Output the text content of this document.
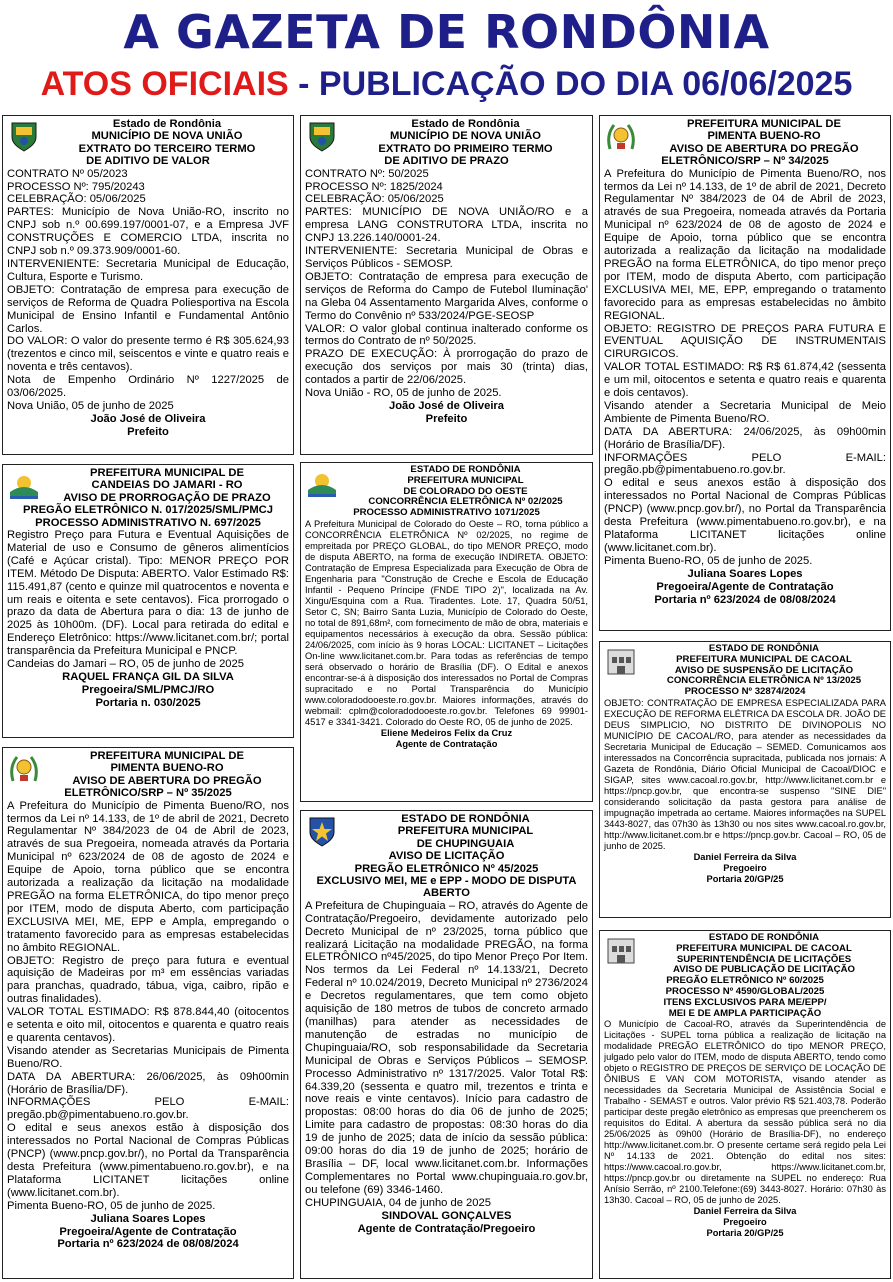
A GAZETA DE RONDÔNIA
ATOS OFICIAIS - PUBLICAÇÃO DO DIA 06/06/2025
Estado de Rondônia
MUNICÍPIO DE NOVA UNIÃO
EXTRATO DO TERCEIRO TERMO
DE ADITIVO DE VALOR

CONTRATO Nº 05/2023
PROCESSO Nº: 795/20243
CELEBRAÇÃO: 05/06/2025
PARTES: Município de Nova União-RO, inscrito no CNPJ sob n.º 00.699.197/0001-07, e a Empresa JVF CONSTRUÇÕES E COMERCIO LTDA, inscrita no CNPJ sob n.º 09.373.909/0001-60.
INTERVENIENTE: Secretaria Municipal de Educação, Cultura, Esporte e Turismo.
OBJETO: Contratação de empresa para execução de serviços de Reforma de Quadra Poliesportiva na Escola Municipal de Ensino Infantil e Fundamental Antônio Carlos.
DO VALOR: O valor do presente termo é R$ 305.624,93 (trezentos e cinco mil, seiscentos e vinte e quatro reais e noventa e três centavos).
Nota de Empenho Ordinário Nº 1227/2025 de 03/06/2025.
Nova União, 05 de junho de 2025

João José de Oliveira
Prefeito
PREFEITURA MUNICIPAL DE
CANDEIAS DO JAMARI - RO
AVISO DE PRORROGAÇÃO DE PRAZO
PREGÃO ELETRÔNICO N. 017/2025/SML/PMCJ
PROCESSO ADMINISTRATIVO N. 697/2025

Registro Preço para Futura e Eventual Aquisições de Material de uso e Consumo de gêneros alimentícios (Café e Açúcar cristal). Tipo: MENOR PREÇO POR ITEM. Método De Disputa: ABERTO. Valor Estimado R$: 115.491,87 (cento e quinze mil quatrocentos e noventa e um reais e oitenta e sete centavos). Fica prorrogado o prazo da data de Abertura para o dia: 13 de junho de 2025 às 10h00m. (DF). Local para retirada do edital e Endereço Eletrônico: https://www.licitanet.com.br/; portal transparência da Prefeitura Municipal e PNCP.
Candeias do Jamari – RO, 05 de junho de 2025

RAQUEL FRANÇA GIL DA SILVA
Pregoeira/SML/PMCJ/RO
Portaria n. 030/2025
PREFEITURA MUNICIPAL DE
PIMENTA BUENO-RO
AVISO DE ABERTURA DO PREGÃO
ELETRÔNICO/SRP – Nº 35/2025

A Prefeitura do Município de Pimenta Bueno/RO, nos termos da Lei nº 14.133, de 1º de abril de 2021, Decreto Regulamentar Nº 384/2023 de 04 de Abril de 2023, através de sua Pregoeira, nomeada através da Portaria Municipal nº 623/2024 de 08 de agosto de 2024 e Equipe de Apoio, torna público que se encontra autorizada a realização da licitação na modalidade PREGÃO na forma ELETRÔNICA, do tipo menor preço por ITEM, modo de disputa Aberto, com participação EXCLUSIVA MEI, ME, EPP e Ampla, empregando o tratamento favorecido para as empresas estabelecidas no âmbito REGIONAL.
OBJETO: Registro de preço para futura e eventual aquisição de Madeiras por m³ em essências variadas para pranchas, quadrado, tábua, viga, caibro, ripão e outras finalidades).
VALOR TOTAL ESTIMADO: R$ 878.844,40 (oitocentos e setenta e oito mil, oitocentos e quarenta e quatro reais e quarenta centavos).
Visando atender as Secretarias Municipais de Pimenta Bueno/RO.
DATA DA ABERTURA: 26/06/2025, às 09h00min (Horário de Brasília/DF).
INFORMAÇÕES PELO E-MAIL: pregão.pb@pimentabueno.ro.gov.br.
O edital e seus anexos estão à disposição dos interessados no Portal Nacional de Compras Públicas (PNCP) (www.pncp.gov.br/), no Portal da Transparência desta Prefeitura (www.pimentabueno.ro.gov.br), e na Plataforma LICITANET licitações online (www.licitanet.com.br).
Pimenta Bueno-RO, 05 de junho de 2025.

Juliana Soares Lopes
Pregoeira/Agente de Contratação
Portaria nº 623/2024 de 08/08/2024
Estado de Rondônia
MUNICÍPIO DE NOVA UNIÃO
EXTRATO DO PRIMEIRO TERMO
DE ADITIVO DE PRAZO

CONTRATO Nº: 50/2025
PROCESSO Nº: 1825/2024
CELEBRAÇÃO: 05/06/2025
PARTES: MUNICÍPIO DE NOVA UNIÃO/RO e a empresa LANG CONSTRUTORA LTDA, inscrita no CNPJ 13.226.140/0001-24.
INTERVENIENTE: Secretaria Municipal de Obras e Serviços Públicos - SEMOSP.
OBJETO: Contratação de empresa para execução de serviços de Reforma do Campo de Futebol Iluminação' na Gleba 04 Assentamento Margarida Alves, conforme o Termo do Convênio nº 533/2024/PGE-SEOSP
VALOR: O valor global continua inalterado conforme os termos do Contrato de nº 50/2025.
PRAZO DE EXECUÇÃO: À prorrogação do prazo de execução dos serviços por mais 30 (trinta) dias, contados a partir de 22/06/2025.
Nova União - RO, 05 de junho de 2025.

João José de Oliveira
Prefeito
ESTADO DE RONDÔNIA
PREFEITURA MUNICIPAL
DE COLORADO DO OESTE
CONCORRÊNCIA ELETRÔNICA Nº 02/2025
PROCESSO ADMINISTRATIVO 1071/2025

A Prefeitura Municipal de Colorado do Oeste – RO, torna público a CONCORRÊNCIA ELETRÔNICA Nº 02/2025, no regime de empreitada por PREÇO GLOBAL, do tipo MENOR PREÇO, modo de disputa ABERTO, na forma de execução INDIRETA. OBJETO: Contratação de Empresa Especializada para Execução de Obra de Engenharia para "Construção de Creche e Escola de Educação Infantil - Pequeno Príncipe (FNDE TIPO 2)", localizada na Av. Xingu/Esquina com a Rua. Tiradentes. Lote. 17, Quadra 50/51, Setor C, SN; Bairro Santa Luzia, Município de Colorado do Oeste, no total de 891,68m², com fornecimento de mão de obra, materiais e equipamentos necessários à execução da obra. Sessão pública: 24/06/2025, com início às 9 horas LOCAL: LICITANET – Licitações On-line www.licitanet.com.br. Para todas as referências de tempo será observado o horário de Brasília (DF). O Edital e anexos encontrar-se-á à disposição dos interessados no Portal de Compras supracitado e no Portal Transparência do Município www.coloradodooeste.ro.gov.br. Maiores informações, através do webmail: cplm@coloradodooeste.ro.gov.br. Telefones 69 99901-4517 e 3341-3421. Colorado do Oeste RO, 05 de junho de 2025.

Eliene Medeiros Felix da Cruz
Agente de Contratação
ESTADO DE RONDÔNIA
PREFEITURA MUNICIPAL
DE CHUPINGUAIA
AVISO DE LICITAÇÃO
PREGÃO ELETRÔNICO Nº 45/2025
EXCLUSIVO MEI, ME e EPP - MODO DE DISPUTA ABERTO

A Prefeitura de Chupinguaia – RO, através do Agente de Contratação/Pregoeiro, devidamente autorizado pelo Decreto Municipal de nº 23/2025, torna público que realizará Licitação na modalidade PREGÃO, na forma ELETRÔNICO nº45/2025, do tipo Menor Preço Por Item. Nos termos da Lei Federal nº 14.133/21, Decreto Federal nº 10.024/2019, Decreto Municipal nº 2736/2024 e Decretos regulamentares, que tem como objeto aquisição de 180 metros de tubos de concreto armado (manilhas) para atender as necessidades de manutenção de estradas no município de Chupinguaia/RO, sob responsabilidade da Secretaria Municipal de Obras e Serviços Públicos – SEMOSP. Processo Administrativo nº 1317/2025. Valor Total R$: 64.339,20 (sessenta e quatro mil, trezentos e trinta e nove reais e vinte centavos). Início para cadastro de propostas: 08:00 horas do dia 06 de junho de 2025; Limite para cadastro de propostas: 08:30 horas do dia 19 de junho de 2025; data de início da sessão pública: 09:00 horas do dia 19 de junho de 2025; horário de Brasília – DF, local www.licitanet.com.br. Informações Complementares no Portal www.chupinguaia.ro.gov.br, ou telefone (69) 3346-1460.
CHUPINGUAIA, 04 de junho de 2025

SINDOVAL GONÇALVES
Agente de Contratação/Pregoeiro
PREFEITURA MUNICIPAL DE
PIMENTA BUENO-RO
AVISO DE ABERTURA DO PREGÃO
ELETRÔNICO/SRP – Nº 34/2025

A Prefeitura do Município de Pimenta Bueno/RO, nos termos da Lei nº 14.133, de 1º de abril de 2021, Decreto Regulamentar Nº 384/2023 de 04 de Abril de 2023, através de sua Pregoeira, nomeada através da Portaria Municipal nº 623/2024 de 08 de agosto de 2024 e Equipe de Apoio, torna público que se encontra autorizada a realização da licitação na modalidade PREGÃO na forma ELETRÔNICA, do tipo menor preço por ITEM, modo de disputa Aberto, com participação EXCLUSIVA MEI, ME, EPP, empregando o tratamento favorecido para as empresas estabelecidas no âmbito REGIONAL.
OBJETO: REGISTRO DE PREÇOS PARA FUTURA E EVENTUAL AQUISIÇÃO DE INSTRUMENTAIS CIRURGICOS.
VALOR TOTAL ESTIMADO: R$ R$ 61.874,42 (sessenta e um mil, oitocentos e setenta e quatro reais e quarenta e dois centavos).
Visando atender a Secretaria Municipal de Meio Ambiente de Pimenta Bueno/RO.
DATA DA ABERTURA: 24/06/2025, às 09h00min (Horário de Brasília/DF).
INFORMAÇÕES PELO E-MAIL: pregão.pb@pimentabueno.ro.gov.br.
O edital e seus anexos estão à disposição dos interessados no Portal Nacional de Compras Públicas (PNCP) (www.pncp.gov.br/), no Portal da Transparência desta Prefeitura (www.pimentabueno.ro.gov.br), e na Plataforma LICITANET licitações online (www.licitanet.com.br).
Pimenta Bueno-RO, 05 de junho de 2025.

Juliana Soares Lopes
Pregoeira/Agente de Contratação
Portaria nº 623/2024 de 08/08/2024
ESTADO DE RONDÔNIA
PREFEITURA MUNICIPAL DE CACOAL
AVISO DE SUSPENSÃO DE LICITAÇÃO
CONCORRÊNCIA ELETRÔNICA Nº 13/2025
PROCESSO Nº 32874/2024

OBJETO: CONTRATAÇÃO DE EMPRESA ESPECIALIZADA PARA EXECUÇÃO DE REFORMA ELÉTRICA DA ESCOLA DR. JOÃO DE DEUS SIMPLICIO, NO DISTRITO DE DIVINOPOLIS NO MUNICÍPIO DE CACOAL/RO, para atender as necessidades da Secretaria Municipal de Educação – SEMED. Comunicamos aos interessados na Concorrência supracitada, publicada nos jornais: A Gazeta de Rondônia, Diário Oficial Municipal de Cacoal/DIOC e SIGAP, sites www.cacoal.ro.gov.br, http://www.licitanet.com.br e https://pncp.gov.br, que encontra-se suspenso "SINE DIE" considerando solicitação da pasta gestora para análise de impugnação impetrada ao certame. Maiores informações na SUPEL 3443-8027, das 07h30 às 13h30 ou nos sites www.cacoal.ro.gov.br, http://www.licitanet.com.br e https://pncp.gov.br. Cacoal – RO, 05 de junho de 2025.

Daniel Ferreira da Silva
Pregoeiro
Portaria 20/GP/25
ESTADO DE RONDÔNIA
PREFEITURA MUNICIPAL DE CACOAL
SUPERINTENDÊNCIA DE LICITAÇÕES
AVISO DE PUBLICAÇÃO DE LICITAÇÃO
PREGÃO ELETRÔNICO Nº 60/2025
PROCESSO Nº 4590/GLOBAL/2025
ITENS EXCLUSIVOS PARA ME/EPP/
MEI E DE AMPLA PARTICIPAÇÃO

O Município de Cacoal-RO, através da Superintendência de Licitações - SUPEL torna pública a realização de licitação na modalidade PREGÃO ELETRÔNICO do tipo MENOR PREÇO, julgado pelo valor do ITEM, modo de disputa ABERTO, tendo como objeto o REGISTRO DE PREÇOS DE SERVIÇO DE LOCAÇÃO DE ÔNIBUS E VAN COM MOTORISTA, visando atender as necessidades da Secretaria Municipal de Assistência Social e Trabalho - SEMAST e outros. Valor prévio R$ 521.403,78. Poderão participar deste pregão eletrônico as empresas que preencherem os requisitos do Edital. A abertura da sessão pública será no dia 25/06/2025 às 09h00 (Horário de Brasília-DF), no endereço http://www.licitanet.com.br. O presente certame será regido pela Lei Nº 14.133 de 2021. Obtenção do edital nos sites: https://www.cacoal.ro.gov.br, https://www.licitanet.com.br, https://pncp.gov.br ou diretamente na SUPEL no endereço: Rua Anísio Serrão, nº 2100.Telefone:(69) 3443-8027. Horário: 07h30 às 13h30. Cacoal – RO, 05 de junho de 2025.

Daniel Ferreira da Silva
Pregoeiro
Portaria 20/GP/25
